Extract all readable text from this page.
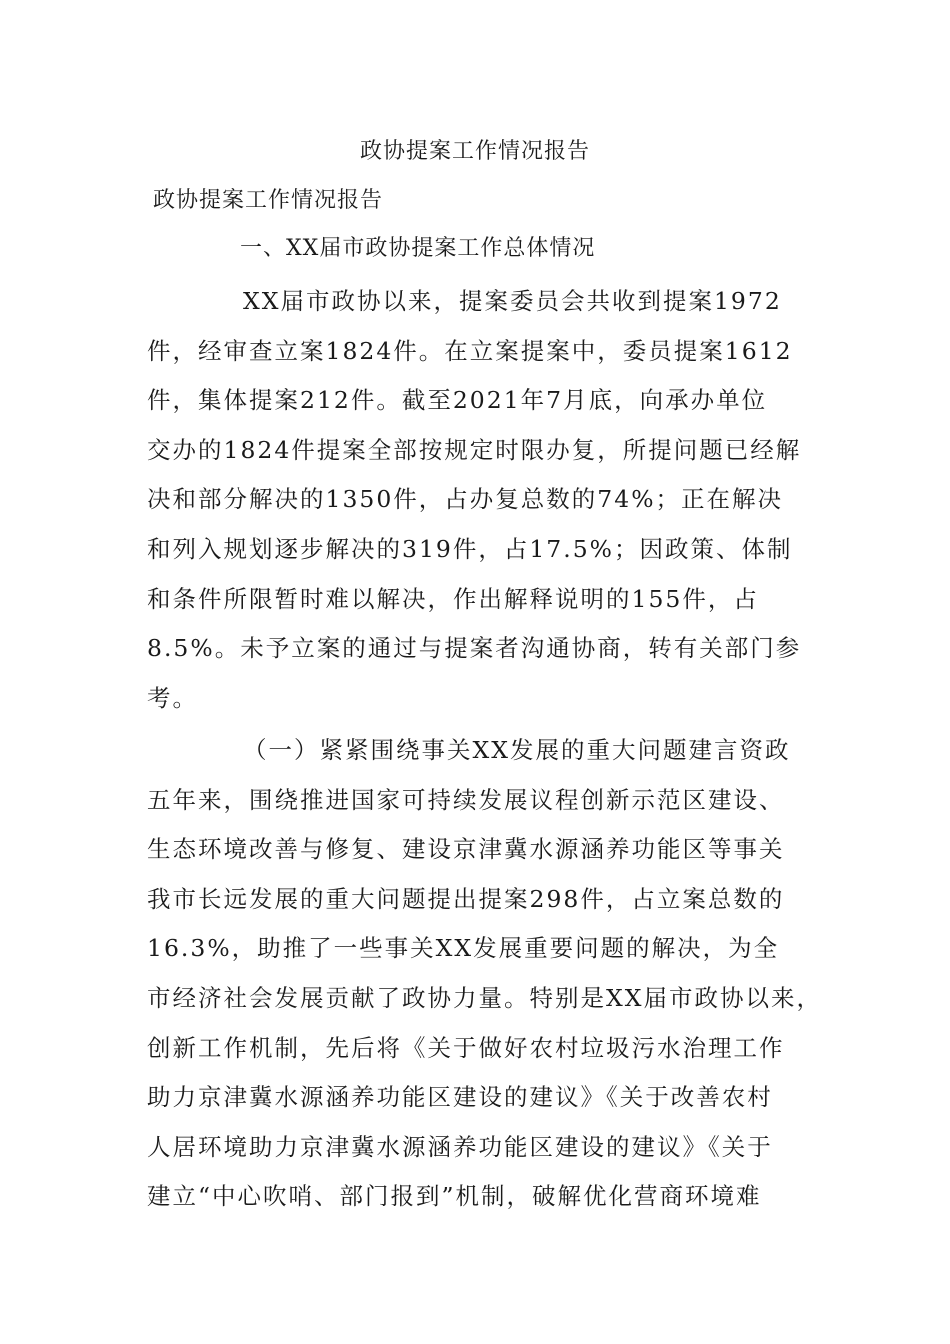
政协提案工作情况报告
政协提案工作情况报告
一、XX届市政协提案工作总体情况

XX届市政协以来，提案委员会共收到提案1972
件，经审查立案1824件。在立案提案中，委员提案1612
件，集体提案212件。截至2021年7月底，向承办单位
交办的1824件提案全部按规定时限办复，所提问题已经解
决和部分解决的1350件，占办复总数的74%；正在解决
和列入规划逐步解决的319件，占17.5%；因政策、体制
和条件所限暂时难以解决，作出解释说明的155件，占
8.5%。未予立案的通过与提案者沟通协商，转有关部门参
考。

（一）紧紧围绕事关XX发展的重大问题建言资政
五年来，围绕推进国家可持续发展议程创新示范区建设、
生态环境改善与修复、建设京津冀水源涵养功能区等事关
我市长远发展的重大问题提出提案298件，占立案总数的
16.3%，助推了一些事关XX发展重要问题的解决，为全
市经济社会发展贡献了政协力量。特别是XX届市政协以来，
创新工作机制，先后将《关于做好农村垃圾污水治理工作
助力京津冀水源涵养功能区建设的建议》《关于改善农村
人居环境助力京津冀水源涵养功能区建设的建议》《关于
建立“中心吹哨、部门报到”机制，破解优化营商环境难
